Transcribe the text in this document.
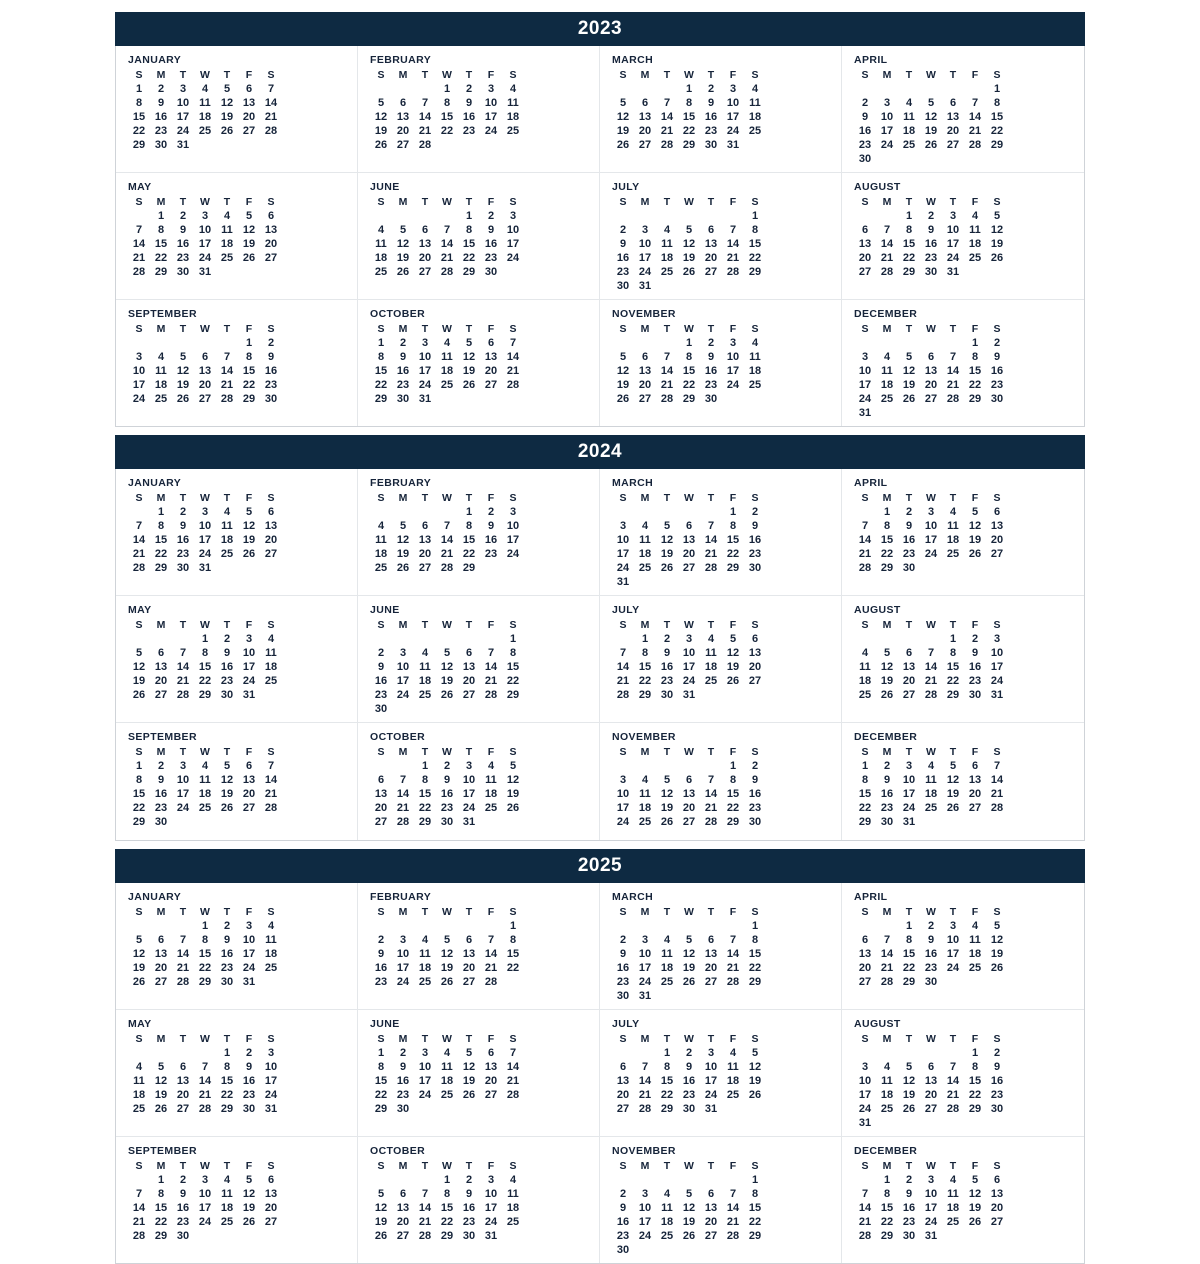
2023
JANUARY
S	M	T	W	T	F	S
1	2	3	4	5	6	7
8	9	10	11	12	13	14
15	16	17	18	19	20	21
22	23	24	25	26	27	28
29	30	31				
FEBRUARY
S	M	T	W	T	F	S
			1	2	3	4
5	6	7	8	9	10	11
12	13	14	15	16	17	18
19	20	21	22	23	24	25
26	27	28				
MARCH
S	M	T	W	T	F	S
			1	2	3	4
5	6	7	8	9	10	11
12	13	14	15	16	17	18
19	20	21	22	23	24	25
26	27	28	29	30	31	
APRIL
S	M	T	W	T	F	S
						1
2	3	4	5	6	7	8
9	10	11	12	13	14	15
16	17	18	19	20	21	22
23	24	25	26	27	28	29
30						
MAY
S	M	T	W	T	F	S
	1	2	3	4	5	6
7	8	9	10	11	12	13
14	15	16	17	18	19	20
21	22	23	24	25	26	27
28	29	30	31			
JUNE
S	M	T	W	T	F	S
				1	2	3
4	5	6	7	8	9	10
11	12	13	14	15	16	17
18	19	20	21	22	23	24
25	26	27	28	29	30	
JULY
S	M	T	W	T	F	S
						1
2	3	4	5	6	7	8
9	10	11	12	13	14	15
16	17	18	19	20	21	22
23	24	25	26	27	28	29
30	31					
AUGUST
S	M	T	W	T	F	S
		1	2	3	4	5
6	7	8	9	10	11	12
13	14	15	16	17	18	19
20	21	22	23	24	25	26
27	28	29	30	31		
SEPTEMBER
S	M	T	W	T	F	S
					1	2
3	4	5	6	7	8	9
10	11	12	13	14	15	16
17	18	19	20	21	22	23
24	25	26	27	28	29	30
OCTOBER
S	M	T	W	T	F	S
1	2	3	4	5	6	7
8	9	10	11	12	13	14
15	16	17	18	19	20	21
22	23	24	25	26	27	28
29	30	31				
NOVEMBER
S	M	T	W	T	F	S
			1	2	3	4
5	6	7	8	9	10	11
12	13	14	15	16	17	18
19	20	21	22	23	24	25
26	27	28	29	30		
DECEMBER
S	M	T	W	T	F	S
					1	2
3	4	5	6	7	8	9
10	11	12	13	14	15	16
17	18	19	20	21	22	23
24	25	26	27	28	29	30
31						
2024
JANUARY
S	M	T	W	T	F	S
	1	2	3	4	5	6
7	8	9	10	11	12	13
14	15	16	17	18	19	20
21	22	23	24	25	26	27
28	29	30	31			
FEBRUARY
S	M	T	W	T	F	S
				1	2	3
4	5	6	7	8	9	10
11	12	13	14	15	16	17
18	19	20	21	22	23	24
25	26	27	28	29		
MARCH
S	M	T	W	T	F	S
					1	2
3	4	5	6	7	8	9
10	11	12	13	14	15	16
17	18	19	20	21	22	23
24	25	26	27	28	29	30
31						
APRIL
S	M	T	W	T	F	S
	1	2	3	4	5	6
7	8	9	10	11	12	13
14	15	16	17	18	19	20
21	22	23	24	25	26	27
28	29	30				
MAY
S	M	T	W	T	F	S
			1	2	3	4
5	6	7	8	9	10	11
12	13	14	15	16	17	18
19	20	21	22	23	24	25
26	27	28	29	30	31	
JUNE
S	M	T	W	T	F	S
						1
2	3	4	5	6	7	8
9	10	11	12	13	14	15
16	17	18	19	20	21	22
23	24	25	26	27	28	29
30						
JULY
S	M	T	W	T	F	S
	1	2	3	4	5	6
7	8	9	10	11	12	13
14	15	16	17	18	19	20
21	22	23	24	25	26	27
28	29	30	31			
AUGUST
S	M	T	W	T	F	S
				1	2	3
4	5	6	7	8	9	10
11	12	13	14	15	16	17
18	19	20	21	22	23	24
25	26	27	28	29	30	31
SEPTEMBER
S	M	T	W	T	F	S
1	2	3	4	5	6	7
8	9	10	11	12	13	14
15	16	17	18	19	20	21
22	23	24	25	26	27	28
29	30					
OCTOBER
S	M	T	W	T	F	S
		1	2	3	4	5
6	7	8	9	10	11	12
13	14	15	16	17	18	19
20	21	22	23	24	25	26
27	28	29	30	31		
NOVEMBER
S	M	T	W	T	F	S
					1	2
3	4	5	6	7	8	9
10	11	12	13	14	15	16
17	18	19	20	21	22	23
24	25	26	27	28	29	30
DECEMBER
S	M	T	W	T	F	S
1	2	3	4	5	6	7
8	9	10	11	12	13	14
15	16	17	18	19	20	21
22	23	24	25	26	27	28
29	30	31				
2025
JANUARY
S	M	T	W	T	F	S
			1	2	3	4
5	6	7	8	9	10	11
12	13	14	15	16	17	18
19	20	21	22	23	24	25
26	27	28	29	30	31	
FEBRUARY
S	M	T	W	T	F	S
						1
2	3	4	5	6	7	8
9	10	11	12	13	14	15
16	17	18	19	20	21	22
23	24	25	26	27	28	
MARCH
S	M	T	W	T	F	S
						1
2	3	4	5	6	7	8
9	10	11	12	13	14	15
16	17	18	19	20	21	22
23	24	25	26	27	28	29
30	31					
APRIL
S	M	T	W	T	F	S
		1	2	3	4	5
6	7	8	9	10	11	12
13	14	15	16	17	18	19
20	21	22	23	24	25	26
27	28	29	30			
MAY
S	M	T	W	T	F	S
				1	2	3
4	5	6	7	8	9	10
11	12	13	14	15	16	17
18	19	20	21	22	23	24
25	26	27	28	29	30	31
JUNE
S	M	T	W	T	F	S
1	2	3	4	5	6	7
8	9	10	11	12	13	14
15	16	17	18	19	20	21
22	23	24	25	26	27	28
29	30					
JULY
S	M	T	W	T	F	S
		1	2	3	4	5
6	7	8	9	10	11	12
13	14	15	16	17	18	19
20	21	22	23	24	25	26
27	28	29	30	31		
AUGUST
S	M	T	W	T	F	S
					1	2
3	4	5	6	7	8	9
10	11	12	13	14	15	16
17	18	19	20	21	22	23
24	25	26	27	28	29	30
31						
SEPTEMBER
S	M	T	W	T	F	S
	1	2	3	4	5	6
7	8	9	10	11	12	13
14	15	16	17	18	19	20
21	22	23	24	25	26	27
28	29	30				
OCTOBER
S	M	T	W	T	F	S
			1	2	3	4
5	6	7	8	9	10	11
12	13	14	15	16	17	18
19	20	21	22	23	24	25
26	27	28	29	30	31	
NOVEMBER
S	M	T	W	T	F	S
						1
2	3	4	5	6	7	8
9	10	11	12	13	14	15
16	17	18	19	20	21	22
23	24	25	26	27	28	29
30						
DECEMBER
S	M	T	W	T	F	S
	1	2	3	4	5	6
7	8	9	10	11	12	13
14	15	16	17	18	19	20
21	22	23	24	25	26	27
28	29	30	31			
